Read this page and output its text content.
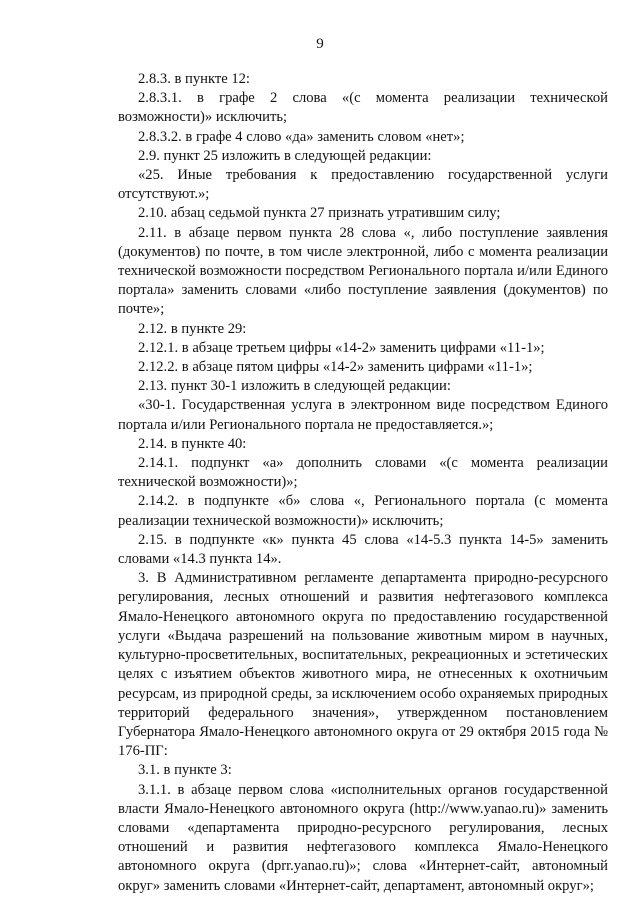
9

2.8.3. в пункте 12:

2.8.3.1. в графе 2 слова «(с момента реализации технической возможности)» исключить;

2.8.3.2. в графе 4 слово «да» заменить словом «нет»;

2.9. пункт 25 изложить в следующей редакции:

«25. Иные требования к предоставлению государственной услуги отсутствуют.»;

2.10. абзац седьмой пункта 27 признать утратившим силу;

2.11. в абзаце первом пункта 28 слова «, либо поступление заявления (документов) по почте, в том числе электронной, либо с момента реализации технической возможности посредством Регионального портала и/или Единого портала» заменить словами «либо поступление заявления (документов) по почте»;

2.12. в пункте 29:

2.12.1. в абзаце третьем цифры «14-2» заменить цифрами «11-1»;

2.12.2. в абзаце пятом цифры «14-2» заменить цифрами «11-1»;

2.13. пункт 30-1 изложить в следующей редакции:

«30-1. Государственная услуга в электронном виде посредством Единого портала и/или Регионального портала не предоставляется.»;

2.14. в пункте 40:

2.14.1. подпункт «а» дополнить словами «(с момента реализации технической возможности)»;

2.14.2. в подпункте «б» слова «, Регионального портала (с момента реализации технической возможности)» исключить;

2.15. в подпункте «к» пункта 45 слова «14-5.3 пункта 14-5» заменить словами «14.3 пункта 14».

3. В Административном регламенте департамента природно-ресурсного регулирования, лесных отношений и развития нефтегазового комплекса Ямало-Ненецкого автономного округа по предоставлению государственной услуги «Выдача разрешений на пользование животным миром в научных, культурно-просветительных, воспитательных, рекреационных и эстетических целях с изъятием объектов животного мира, не отнесенных к охотничьим ресурсам, из природной среды, за исключением особо охраняемых природных территорий федерального значения», утвержденном постановлением Губернатора Ямало-Ненецкого автономного округа от 29 октября 2015 года № 176-ПГ:

3.1. в пункте 3:

3.1.1. в абзаце первом слова «исполнительных органов государственной власти Ямало-Ненецкого автономного округа (http://www.yanao.ru)» заменить словами «департамента природно-ресурсного регулирования, лесных отношений и развития нефтегазового комплекса Ямало-Ненецкого автономного округа (dprr.yanao.ru)»; слова «Интернет-сайт, автономный округ» заменить словами «Интернет-сайт, департамент, автономный округ»;
